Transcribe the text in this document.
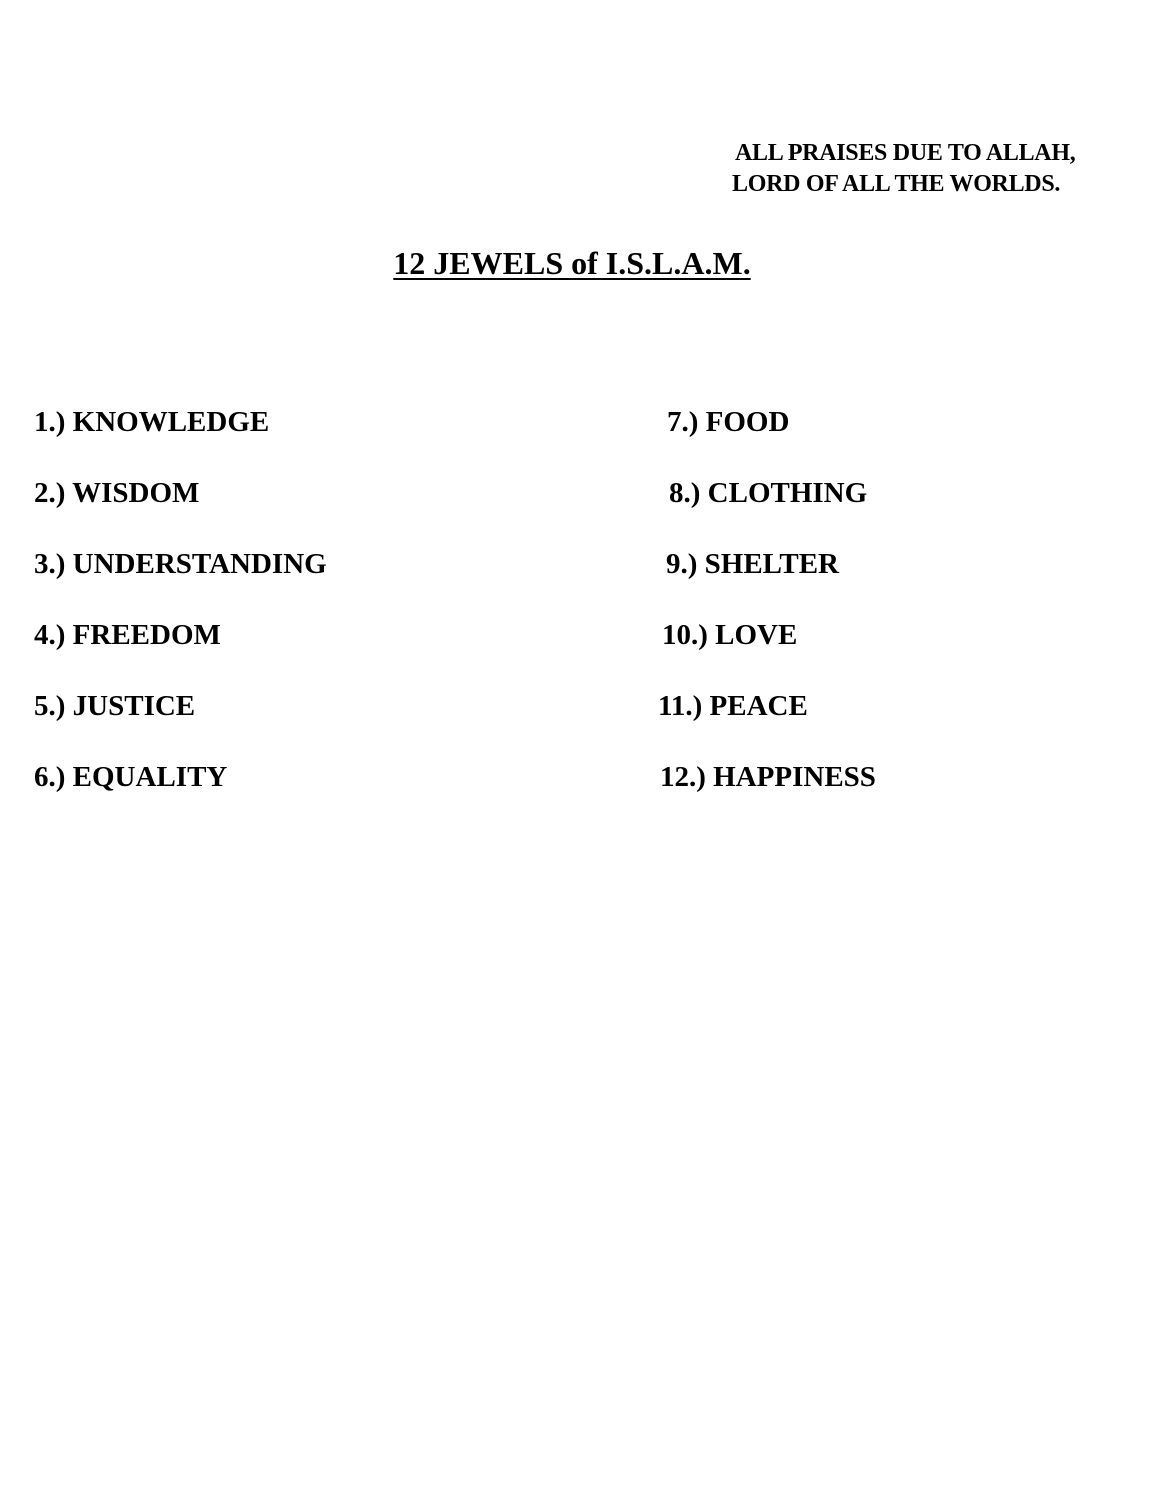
ALL PRAISES DUE TO ALLAH,
LORD OF ALL THE WORLDS.
12 JEWELS of I.S.L.A.M.
1.) KNOWLEDGE
2.) WISDOM
3.) UNDERSTANDING
4.) FREEDOM
5.) JUSTICE
6.) EQUALITY
7.) FOOD
8.) CLOTHING
9.) SHELTER
10.) LOVE
11.) PEACE
12.) HAPPINESS
